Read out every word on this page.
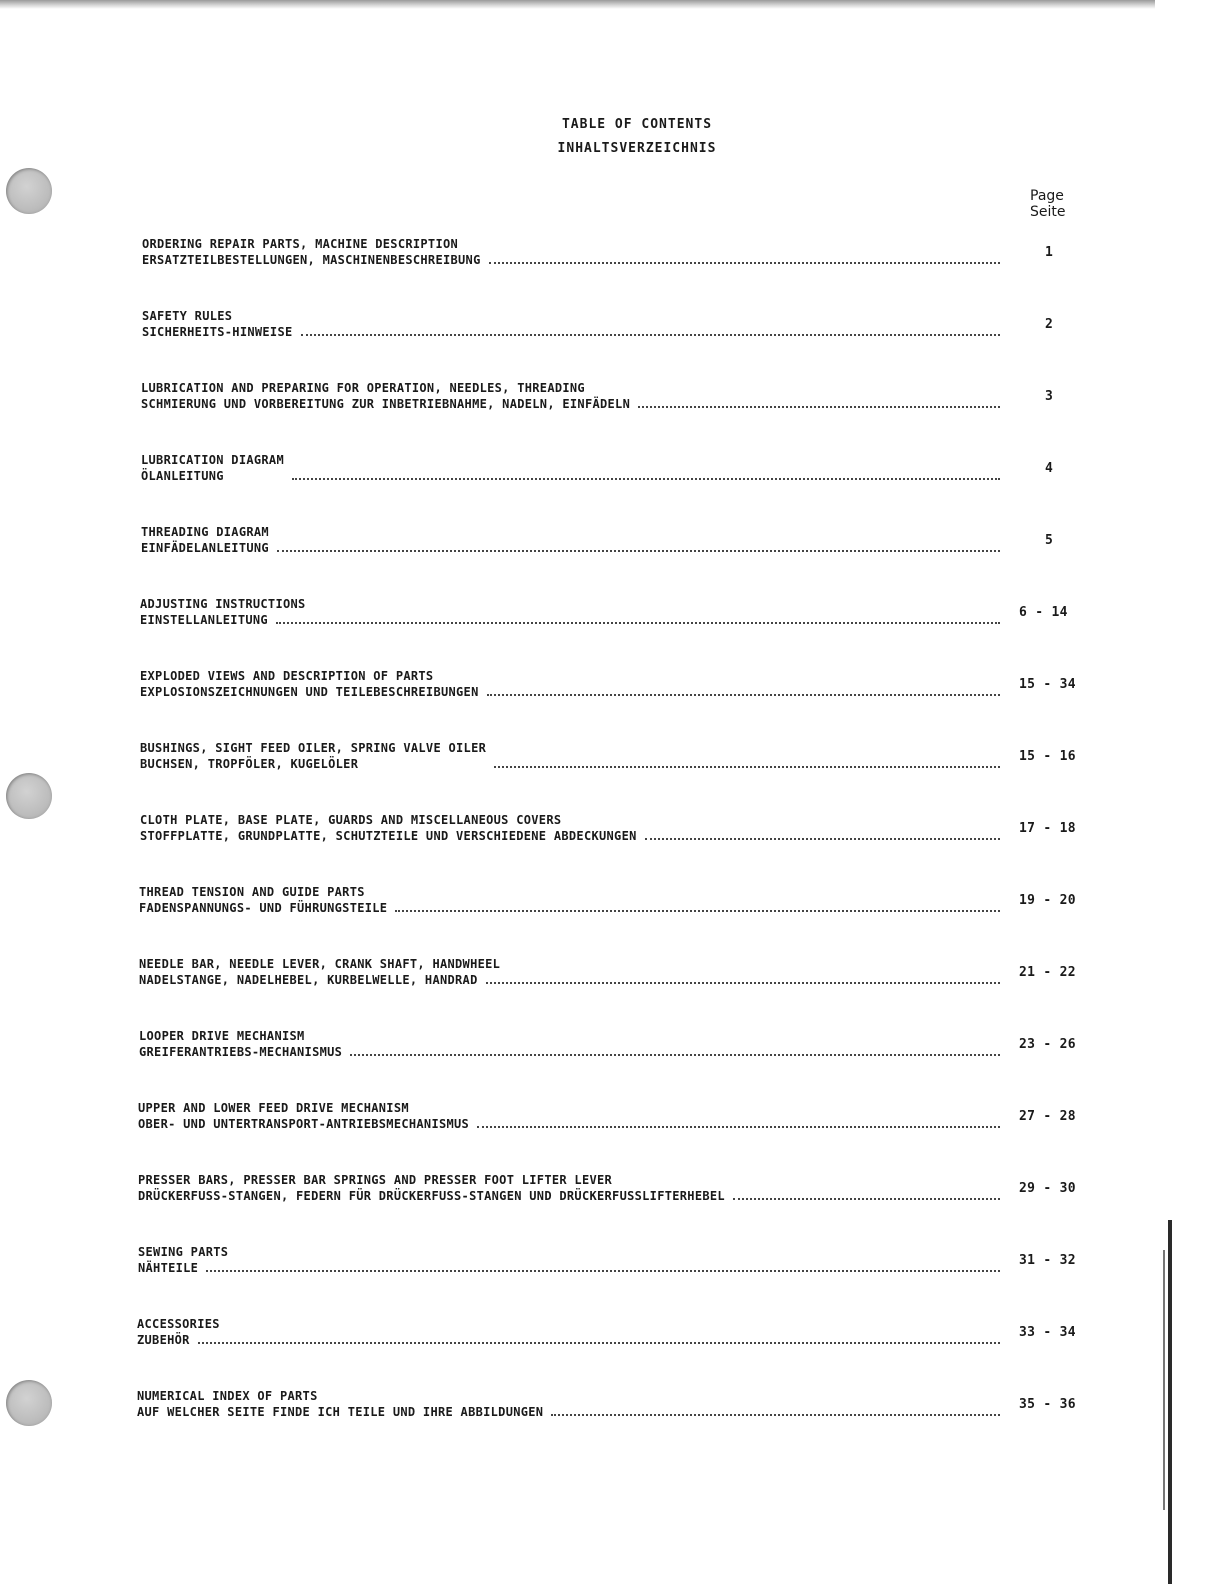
TABLE OF CONTENTS
INHALTSVERZEICHNIS
Page
Seite
ORDERING REPAIR PARTS, MACHINE DESCRIPTION
ERSATZTEILBESTELLUNGEN, MASCHINENBESCHREIBUNG	1
SAFETY RULES
SICHERHEITS-HINWEISE	2
LUBRICATION AND PREPARING FOR OPERATION, NEEDLES, THREADING
SCHMIERUNG UND VORBEREITUNG ZUR INBETRIEBNAHME, NADELN, EINFÄDELN	3
LUBRICATION DIAGRAM
ÖLANLEITUNG	4
THREADING DIAGRAM
EINFÄDELANLEITUNG	5
ADJUSTING INSTRUCTIONS
EINSTELLANLEITUNG	6 - 14
EXPLODED VIEWS AND DESCRIPTION OF PARTS
EXPLOSIONSZEICHNUNGEN UND TEILEBESCHREIBUNGEN	15 - 34
BUSHINGS, SIGHT FEED OILER, SPRING VALVE OILER
BUCHSEN, TROPFÖLER, KUGELÖLER	15 - 16
CLOTH PLATE, BASE PLATE, GUARDS AND MISCELLANEOUS COVERS
STOFFPLATTE, GRUNDPLATTE, SCHUTZTEILE UND VERSCHIEDENE ABDECKUNGEN	17 - 18
THREAD TENSION AND GUIDE PARTS
FADENSPANNUNGS- UND FÜHRUNGSTEILE	19 - 20
NEEDLE BAR, NEEDLE LEVER, CRANK SHAFT, HANDWHEEL
NADELSTANGE, NADELHEBEL, KURBELWELLE, HANDRAD	21 - 22
LOOPER DRIVE MECHANISM
GREIFERANTRIEBS-MECHANISMUS	23 - 26
UPPER AND LOWER FEED DRIVE MECHANISM
OBER- UND UNTERTRANSPORT-ANTRIEBSMECHANISMUS	27 - 28
PRESSER BARS, PRESSER BAR SPRINGS AND PRESSER FOOT LIFTER LEVER
DRÜCKERFUSS-STANGEN, FEDERN FÜR DRÜCKERFUSS-STANGEN UND DRÜCKERFUSSLIFTERHEBEL	29 - 30
SEWING PARTS
NÄHTEILE	31 - 32
ACCESSORIES
ZUBEHÖR	33 - 34
NUMERICAL INDEX OF PARTS
AUF WELCHER SEITE FINDE ICH TEILE UND IHRE ABBILDUNGEN	35 - 36
